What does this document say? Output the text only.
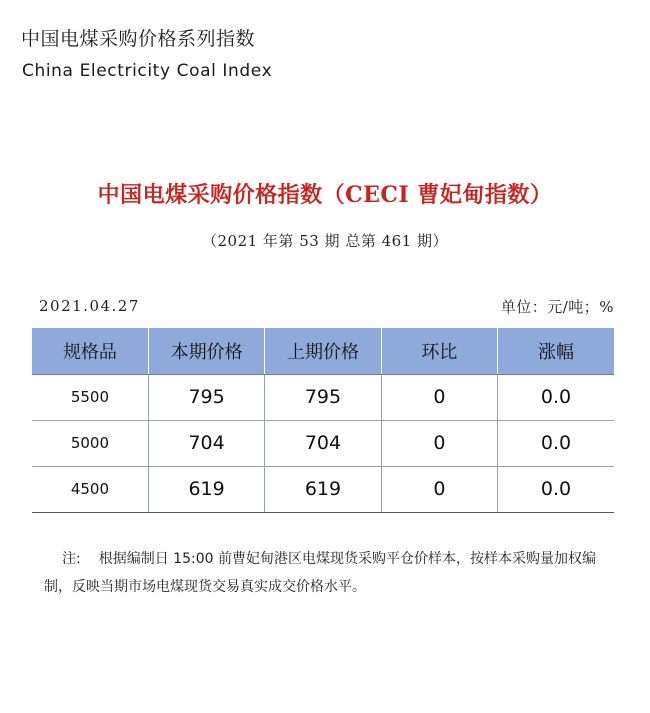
中国电煤采购价格系列指数
China Electricity Coal Index
中国电煤采购价格指数（CECI 曹妃甸指数）
（2021 年第 53 期 总第 461 期）
2021.04.27	单位：元/吨；%
规格品	本期价格	上期价格	环比	涨幅
5500	795	795	0	0.0
5000	704	704	0	0.0
4500	619	619	0	0.0
注: 根据编制日 15:00 前曹妃甸港区电煤现货采购平仓价样本，按样本采购量加权编制，反映当期市场电煤现货交易真实成交价格水平。
